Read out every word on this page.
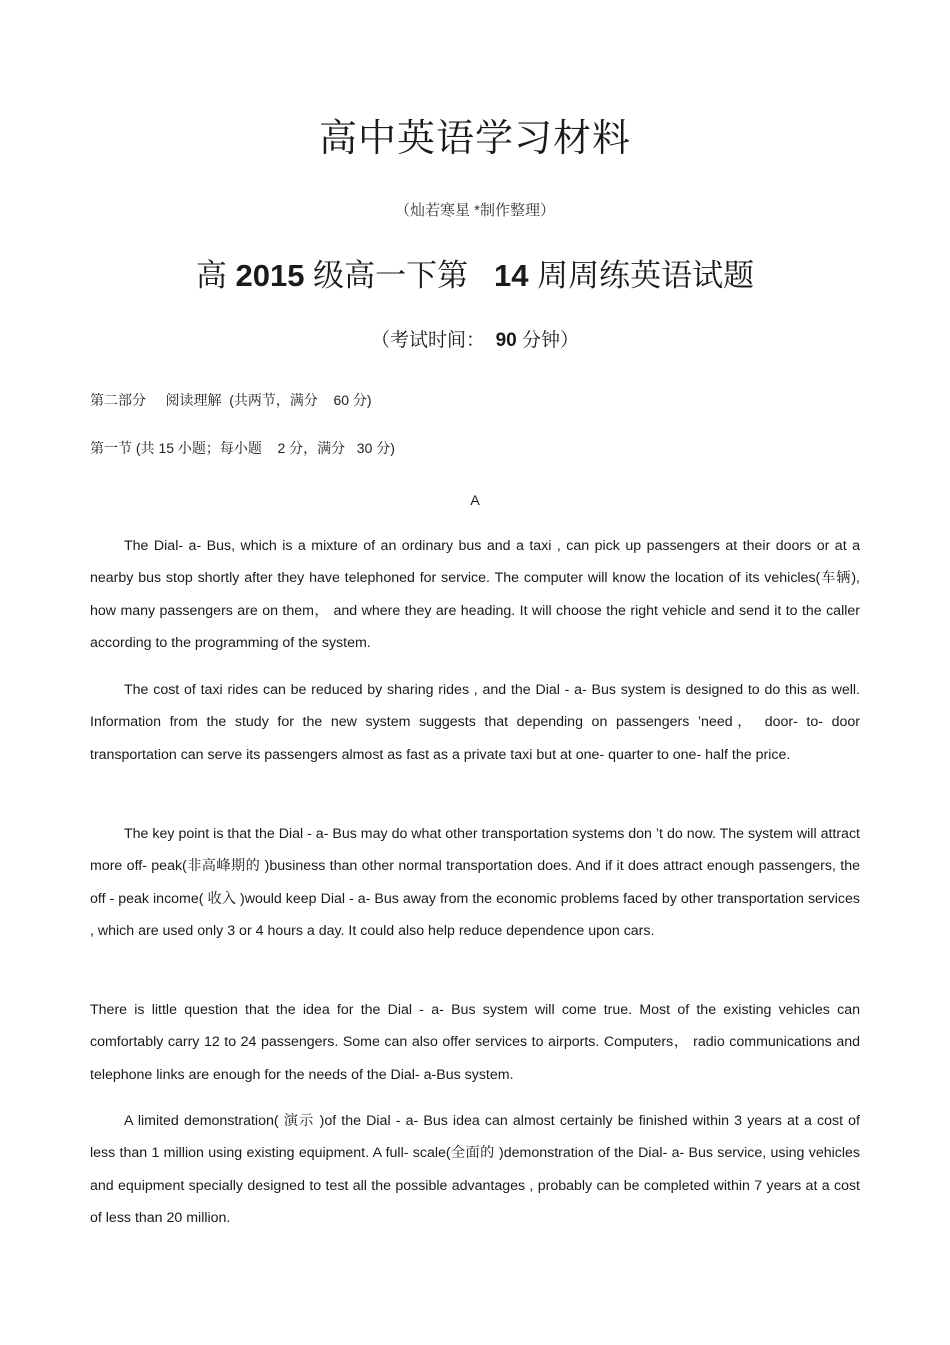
高中英语学习材料
（灿若寒星 *制作整理）
高 2015 级高一下第   14 周周练英语试题
（考试时间：  90 分钟）
第二部分     阅读理解  (共两节，满分    60 分)
第一节 (共 15 小题；每小题    2 分，满分   30 分)
A

The Dial- a- Bus, which is a mixture of an ordinary bus and a taxi , can pick up passengers at their doors or at a nearby bus stop shortly after they have telephoned for service. The computer will know the location of its vehicles(车辆), how many passengers are on them， and where they are heading. It will choose the right vehicle and send it to the caller according to the programming of the system.

The cost of taxi rides can be reduced by sharing rides , and the Dial - a- Bus system is designed to do this as well. Information from the study for the new system suggests that depending on passengers ’need， door- to- door transportation can serve its passengers almost as fast as a private taxi but at one- quarter to one- half the price.

The key point is that the Dial - a- Bus may do what other transportation systems don ’t do now. The system will attract more off- peak(非高峰期的 )business than other normal transportation does. And if it does attract enough passengers, the off - peak income( 收入 )would keep Dial - a- Bus away from the economic problems faced by other transportation services , which are used only 3 or 4 hours a day. It could also help reduce dependence upon cars.

There is little question that the idea for the Dial - a- Bus system will come true. Most of the existing vehicles can comfortably carry 12 to 24 passengers. Some can also offer services to airports. Computers， radio communications and telephone links are enough for the needs of the Dial- a-Bus system.

A limited demonstration( 演示 )of the Dial - a- Bus idea can almost certainly be finished within 3 years at a cost of less than 1 million using existing equipment. A full- scale(全面的 )demonstration of the Dial- a- Bus service, using vehicles and equipment specially designed to test all the possible advantages , probably can be completed within 7 years at a cost of less than 20 million.
